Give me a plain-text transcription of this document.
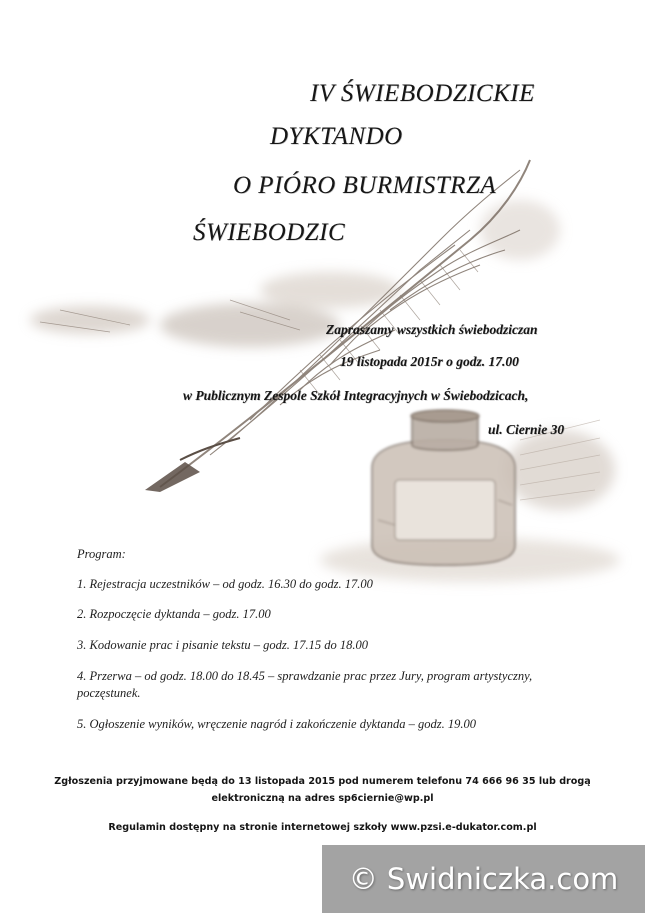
IV ŚWIEBODZICKIE
DYKTANDO
O PIÓRO BURMISTRZA
ŚWIEBODZIC
Zapraszamy wszystkich świebodziczan
19 listopada 2015r o godz. 17.00
w Publicznym Zespole Szkół Integracyjnych w Świebodzicach,
ul. Ciernie 30
Program:
1. Rejestracja uczestników – od godz. 16.30 do godz. 17.00
2. Rozpoczęcie dyktanda – godz. 17.00
3. Kodowanie prac i pisanie tekstu – godz. 17.15 do 18.00
4. Przerwa – od godz. 18.00 do 18.45 – sprawdzanie prac przez Jury, program artystyczny, poczęstunek.
5. Ogłoszenie wyników, wręczenie nagród i zakończenie dyktanda – godz. 19.00
Zgłoszenia przyjmowane będą do 13 listopada 2015 pod numerem telefonu 74 666 96 35 lub drogą
elektroniczną na adres sp6ciernie@wp.pl
Regulamin dostępny na stronie internetowej szkoły www.pzsi.e-dukator.com.pl
© Swidniczka.com
